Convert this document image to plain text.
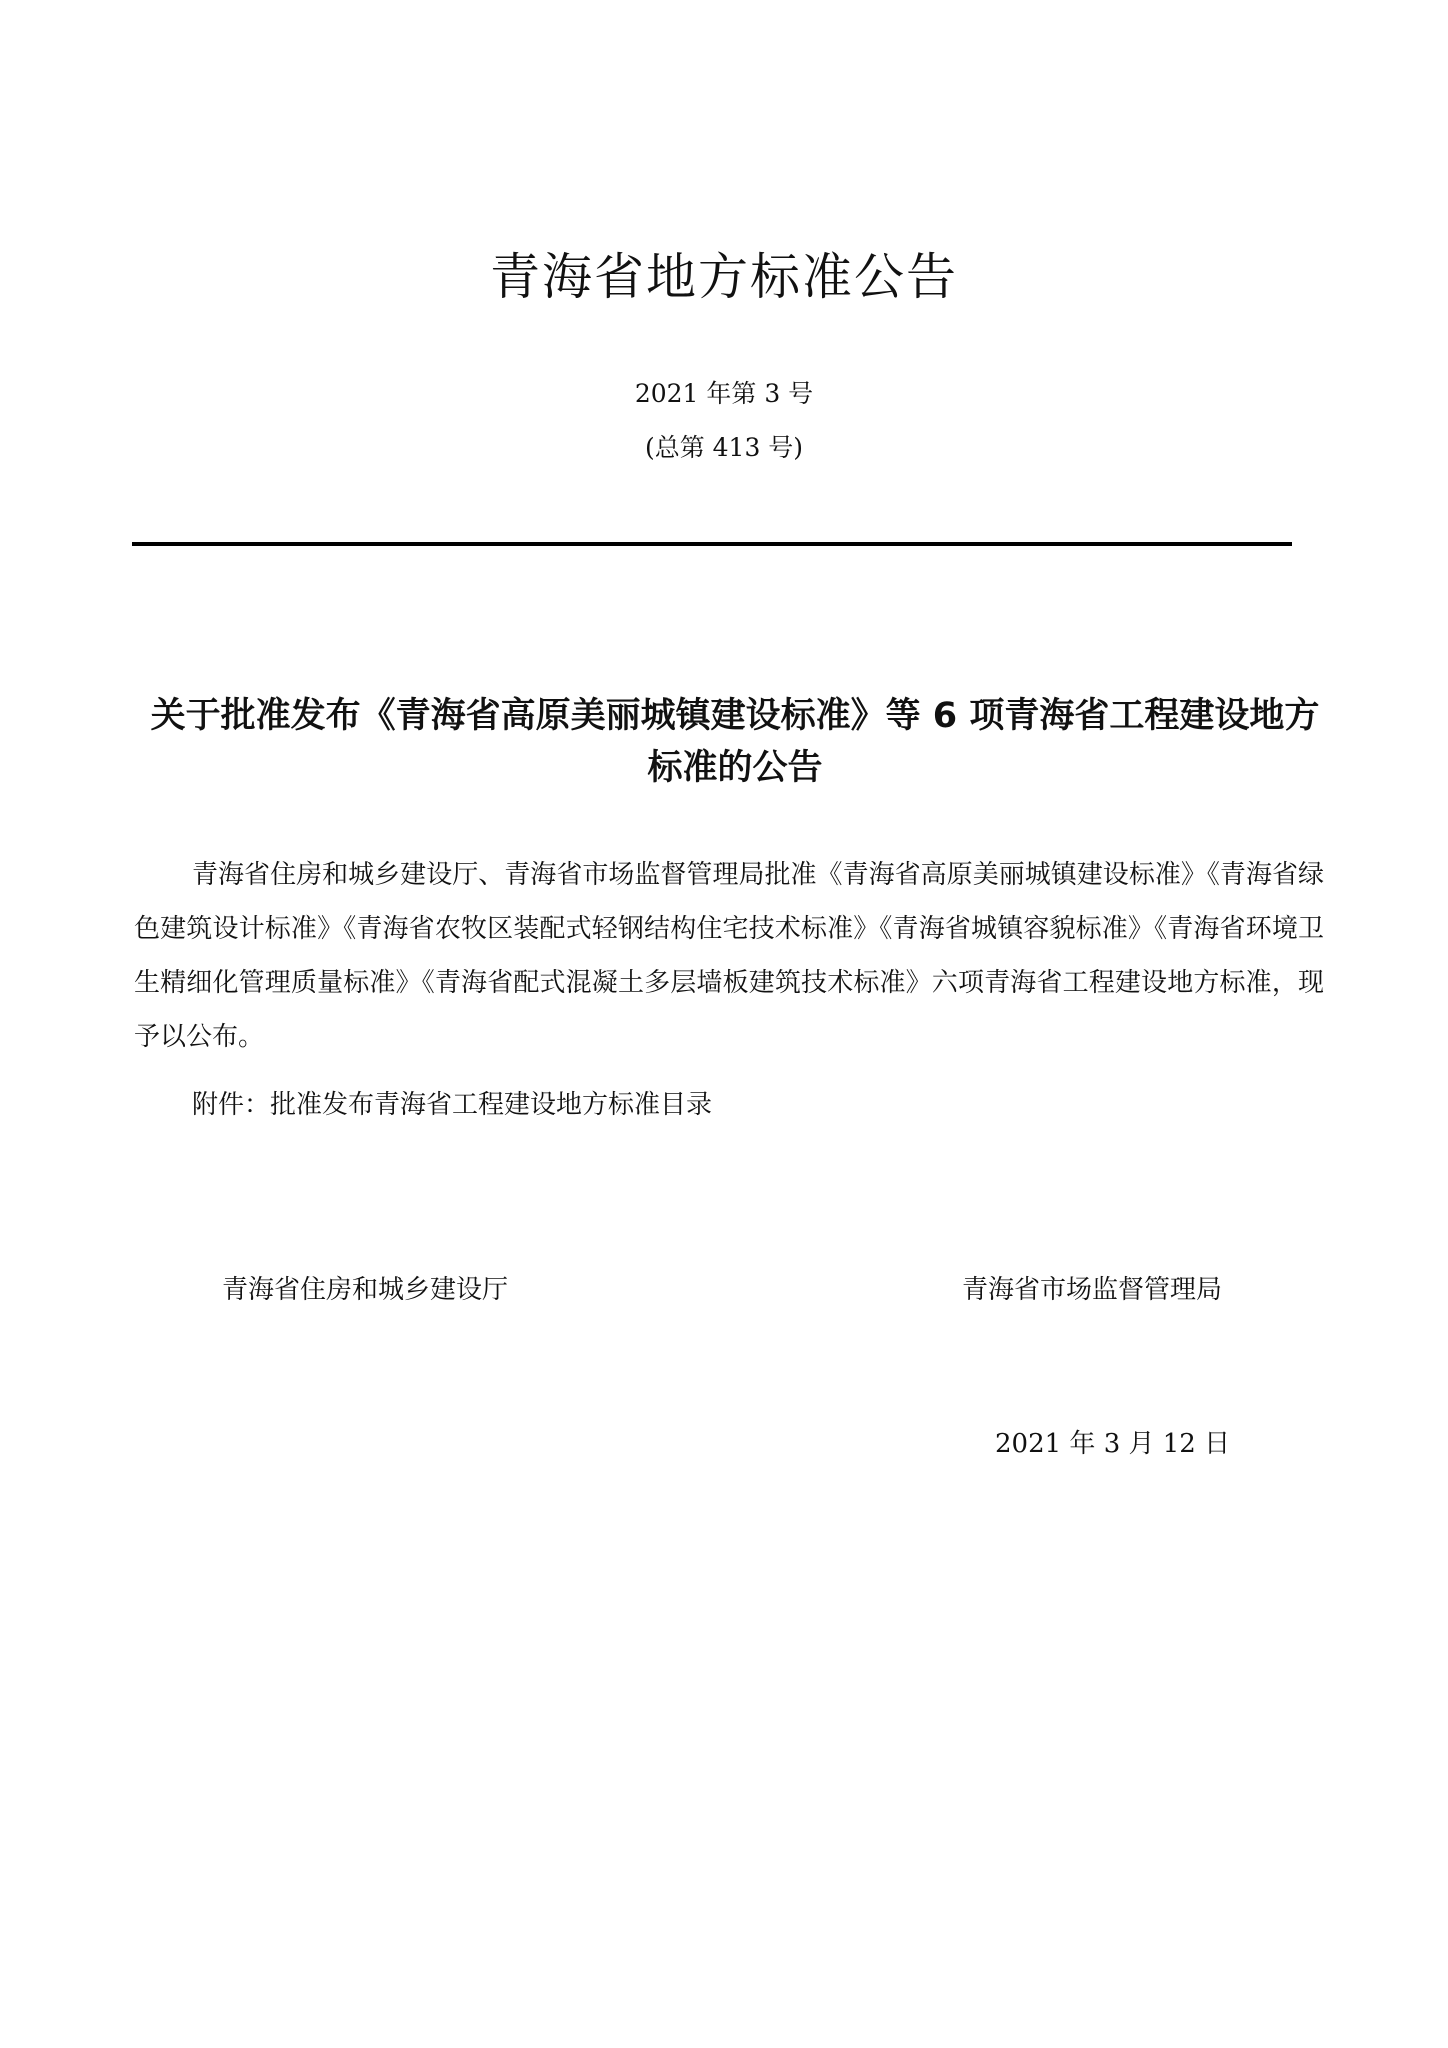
青海省地方标准公告
2021 年第 3 号
(总第 413 号)
关于批准发布《青海省高原美丽城镇建设标准》等 6 项青海省工程建设地方标准的公告
青海省住房和城乡建设厅、青海省市场监督管理局批准《青海省高原美丽城镇建设标准》《青海省绿色建筑设计标准》《青海省农牧区装配式轻钢结构住宅技术标准》《青海省城镇容貌标准》《青海省环境卫生精细化管理质量标准》《青海省配式混凝土多层墙板建筑技术标准》六项青海省工程建设地方标准，现予以公布。
附件：批准发布青海省工程建设地方标准目录
青海省住房和城乡建设厅	青海省市场监督管理局
2021 年 3 月 12 日
